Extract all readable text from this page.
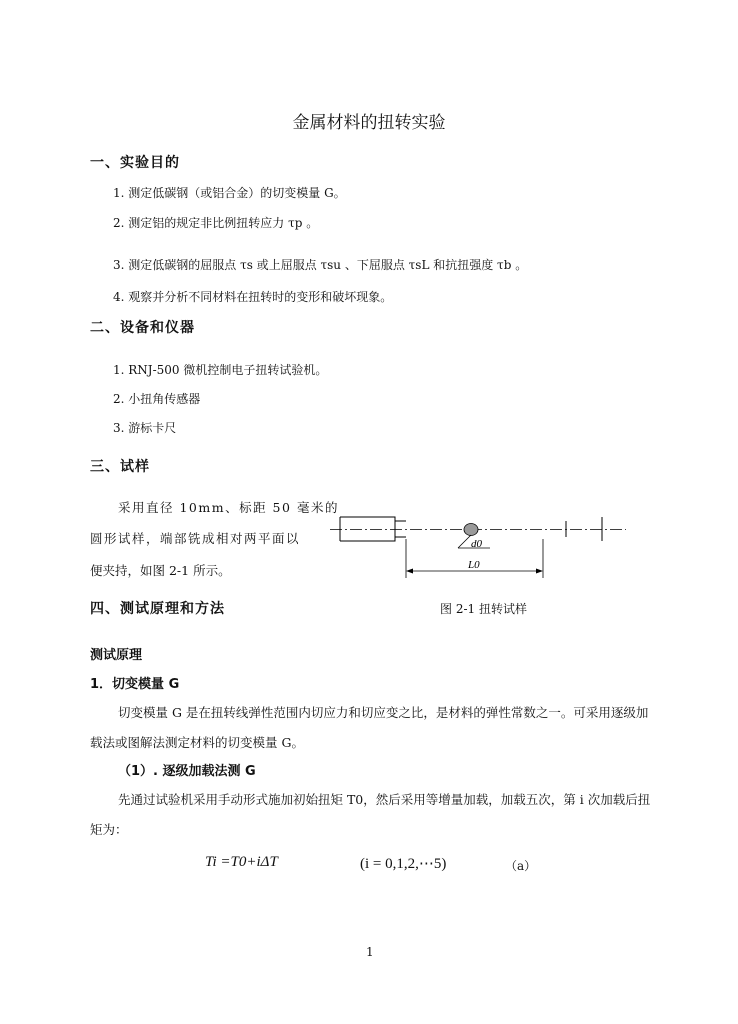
金属材料的扭转实验
一、实验目的
1. 测定低碳钢（或铝合金）的切变模量 G。
2. 测定铝的规定非比例扭转应力 τp 。
3. 测定低碳钢的屈服点 τs 或上屈服点 τsu 、下屈服点 τsL 和抗扭强度 τb 。
4. 观察并分析不同材料在扭转时的变形和破坏现象。
二、设备和仪器
1. RNJ-500 微机控制电子扭转试验机。
2. 小扭角传感器
3. 游标卡尺
三、试样
采用直径 10mm、标距 50 毫米的
圆形试样，端部铣成相对两平面以
便夹持，如图 2-1 所示。
d0
L0
图 2-1 扭转试样
四、测试原理和方法
测试原理
1．切变模量 G
切变模量 G 是在扭转线弹性范围内切应力和切应变之比，是材料的弹性常数之一。可采用逐级加载法或图解法测定材料的切变模量 G。
（1）. 逐级加载法测 G
先通过试验机采用手动形式施加初始扭矩 T0，然后采用等增量加载，加载五次，第 i 次加载后扭矩为：
Ti =T0+iΔT	(i = 0,1,2,⋯5)	（a）
1
